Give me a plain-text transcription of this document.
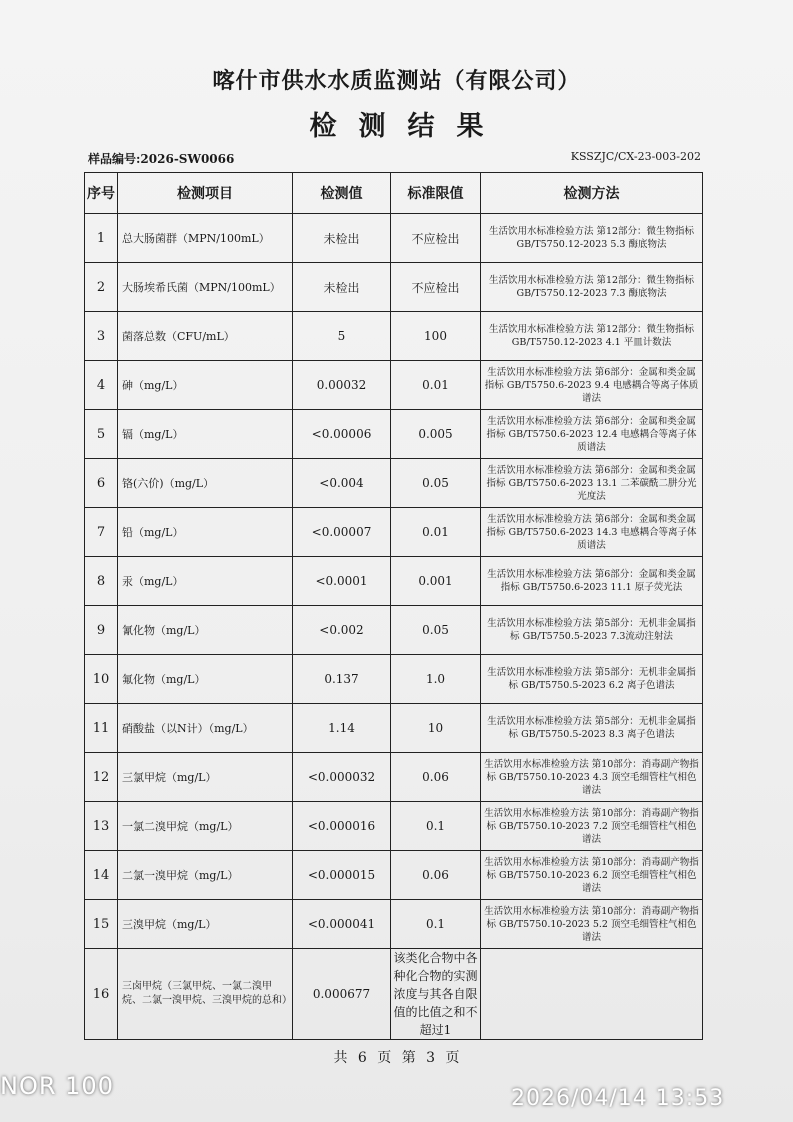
喀什市供水水质监测站（有限公司）
检测结果
样品编号:2026-SW0066	KSSZJC/CX-23-003-202
序号	检测项目	检测值	标准限值	检测方法
1	总大肠菌群（MPN/100mL）	未检出	不应检出	生活饮用水标准检验方法 第12部分：微生物指标 GB/T5750.12-2023 5.3 酶底物法
2	大肠埃希氏菌（MPN/100mL）	未检出	不应检出	生活饮用水标准检验方法 第12部分：微生物指标 GB/T5750.12-2023 7.3 酶底物法
3	菌落总数（CFU/mL）	5	100	生活饮用水标准检验方法 第12部分：微生物指标GB/T5750.12-2023 4.1 平皿计数法
4	砷（mg/L）	0.00032	0.01	生活饮用水标准检验方法 第6部分：金属和类金属指标 GB/T5750.6-2023 9.4 电感耦合等离子体质谱法
5	镉（mg/L）	<0.00006	0.005	生活饮用水标准检验方法 第6部分：金属和类金属指标 GB/T5750.6-2023 12.4 电感耦合等离子体质谱法
6	铬(六价)（mg/L）	<0.004	0.05	生活饮用水标准检验方法 第6部分：金属和类金属指标 GB/T5750.6-2023 13.1 二苯碳酰二肼分光光度法
7	铅（mg/L）	<0.00007	0.01	生活饮用水标准检验方法 第6部分：金属和类金属指标 GB/T5750.6-2023 14.3 电感耦合等离子体质谱法
8	汞（mg/L）	<0.0001	0.001	生活饮用水标准检验方法 第6部分：金属和类金属指标 GB/T5750.6-2023 11.1 原子荧光法
9	氰化物（mg/L）	<0.002	0.05	生活饮用水标准检验方法 第5部分：无机非金属指标 GB/T5750.5-2023 7.3流动注射法
10	氟化物（mg/L）	0.137	1.0	生活饮用水标准检验方法 第5部分：无机非金属指标 GB/T5750.5-2023 6.2 离子色谱法
11	硝酸盐（以N计）（mg/L）	1.14	10	生活饮用水标准检验方法 第5部分：无机非金属指标 GB/T5750.5-2023 8.3 离子色谱法
12	三氯甲烷（mg/L）	<0.000032	0.06	生活饮用水标准检验方法 第10部分：消毒副产物指标 GB/T5750.10-2023 4.3 顶空毛细管柱气相色谱法
13	一氯二溴甲烷（mg/L）	<0.000016	0.1	生活饮用水标准检验方法 第10部分：消毒副产物指标 GB/T5750.10-2023 7.2 顶空毛细管柱气相色谱法
14	二氯一溴甲烷（mg/L）	<0.000015	0.06	生活饮用水标准检验方法 第10部分：消毒副产物指标 GB/T5750.10-2023 6.2 顶空毛细管柱气相色谱法
15	三溴甲烷（mg/L）	<0.000041	0.1	生活饮用水标准检验方法 第10部分：消毒副产物指标 GB/T5750.10-2023 5.2 顶空毛细管柱气相色谱法
16	三卤甲烷（三氯甲烷、一氯二溴甲烷、二氯一溴甲烷、三溴甲烷的总和）	0.000677	该类化合物中各种化合物的实测浓度与其各自限值的比值之和不超过1	
共 6 页 第 3 页
NOR 100	2026/04/14 13:53
